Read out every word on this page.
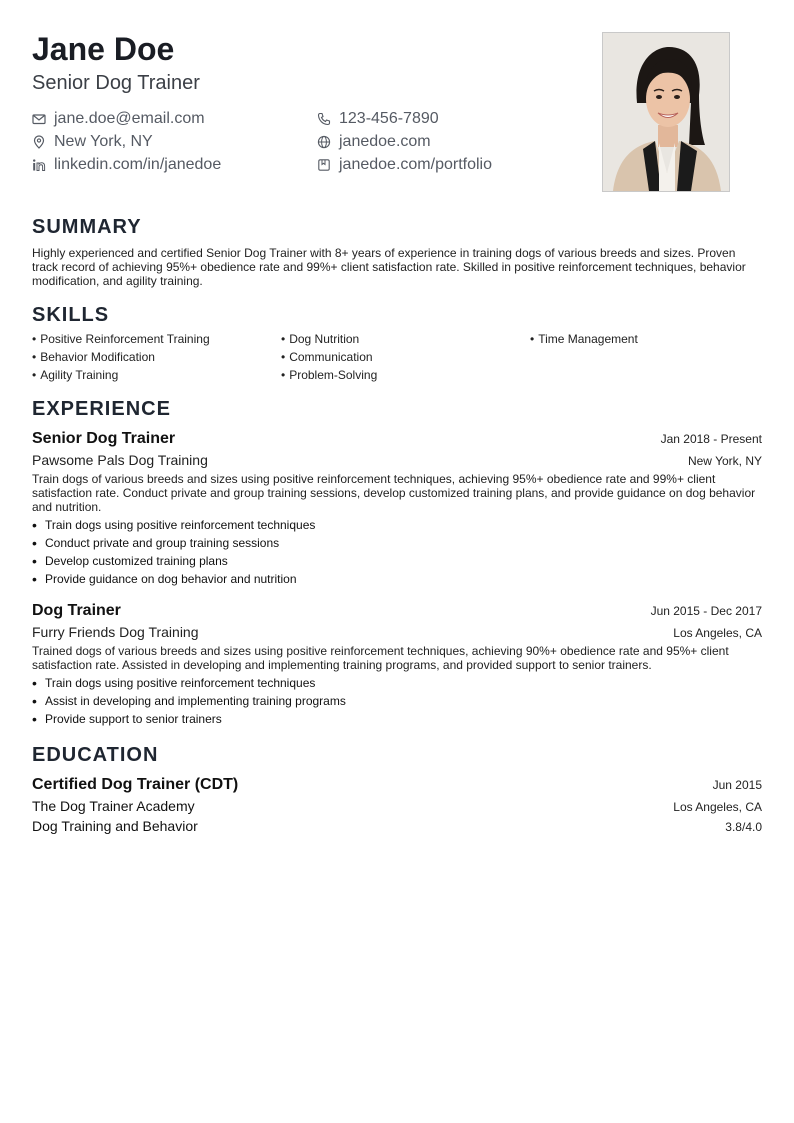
Jane Doe
Senior Dog Trainer
jane.doe@email.com	123-456-7890
New York, NY	janedoe.com
linkedin.com/in/janedoe	janedoe.com/portfolio
SUMMARY
Highly experienced and certified Senior Dog Trainer with 8+ years of experience in training dogs of various breeds and sizes. Proven track record of achieving 95%+ obedience rate and 99%+ client satisfaction rate. Skilled in positive reinforcement techniques, behavior modification, and agility training.
SKILLS
• Positive Reinforcement Training	• Dog Nutrition	• Time Management
• Behavior Modification	• Communication
• Agility Training	• Problem-Solving
EXPERIENCE
Senior Dog Trainer	Jan 2018 - Present
Pawsome Pals Dog Training	New York, NY
Train dogs of various breeds and sizes using positive reinforcement techniques, achieving 95%+ obedience rate and 99%+ client satisfaction rate. Conduct private and group training sessions, develop customized training plans, and provide guidance on dog behavior and nutrition.
• Train dogs using positive reinforcement techniques
• Conduct private and group training sessions
• Develop customized training plans
• Provide guidance on dog behavior and nutrition
Dog Trainer	Jun 2015 - Dec 2017
Furry Friends Dog Training	Los Angeles, CA
Trained dogs of various breeds and sizes using positive reinforcement techniques, achieving 90%+ obedience rate and 95%+ client satisfaction rate. Assisted in developing and implementing training programs, and provided support to senior trainers.
• Train dogs using positive reinforcement techniques
• Assist in developing and implementing training programs
• Provide support to senior trainers
EDUCATION
Certified Dog Trainer (CDT)	Jun 2015
The Dog Trainer Academy	Los Angeles, CA
Dog Training and Behavior	3.8/4.0
